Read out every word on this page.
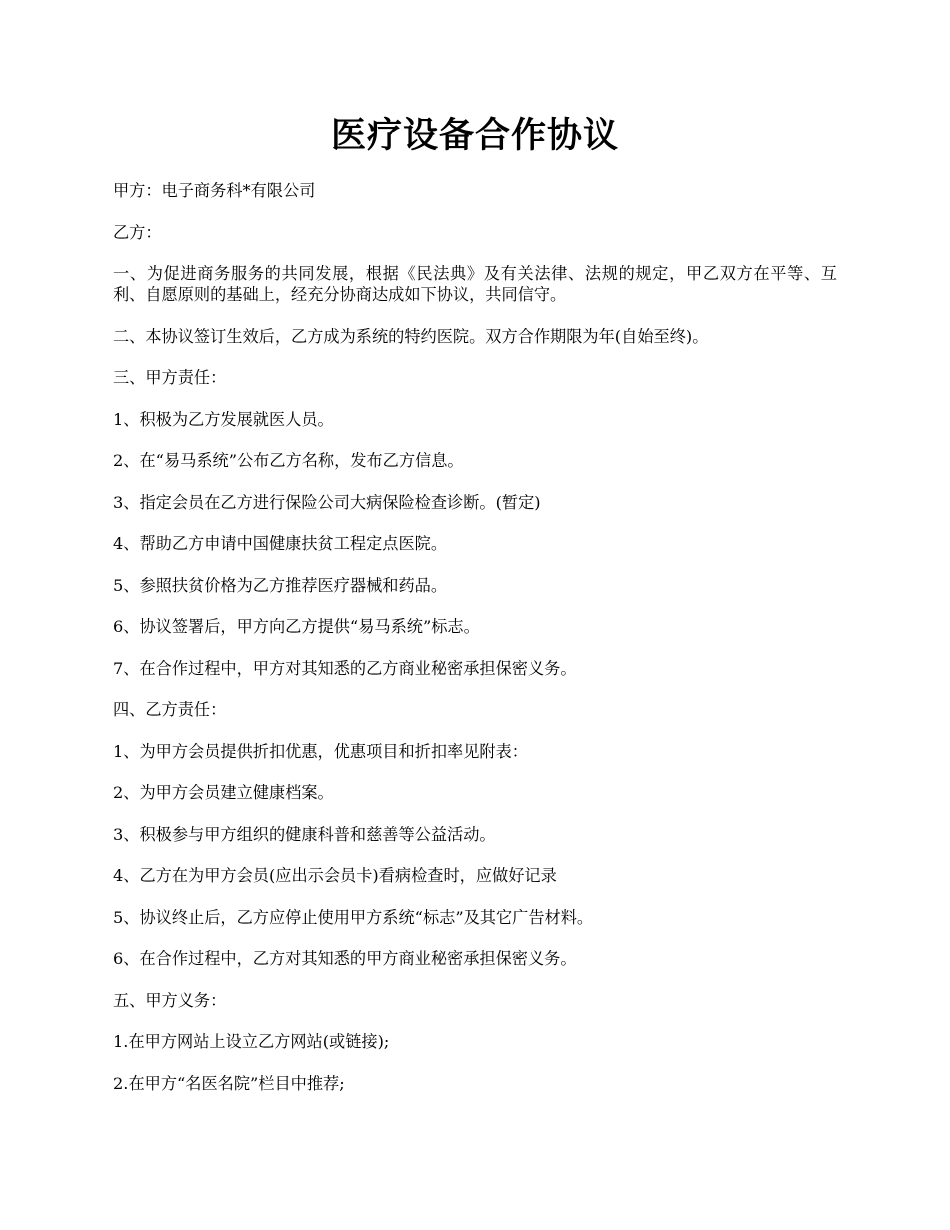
医疗设备合作协议

甲方：电子商务科*有限公司

乙方：

一、为促进商务服务的共同发展，根据《民法典》及有关法律、法规的规定，甲乙双方在平等、互利、自愿原则的基础上，经充分协商达成如下协议，共同信守。

二、本协议签订生效后，乙方成为系统的特约医院。双方合作期限为年(自始至终)。

三、甲方责任：

1、积极为乙方发展就医人员。

2、在“易马系统”公布乙方名称，发布乙方信息。

3、指定会员在乙方进行保险公司大病保险检查诊断。(暂定)

4、帮助乙方申请中国健康扶贫工程定点医院。

5、参照扶贫价格为乙方推荐医疗器械和药品。

6、协议签署后，甲方向乙方提供“易马系统”标志。

7、在合作过程中，甲方对其知悉的乙方商业秘密承担保密义务。

四、乙方责任：

1、为甲方会员提供折扣优惠，优惠项目和折扣率见附表：

2、为甲方会员建立健康档案。

3、积极参与甲方组织的健康科普和慈善等公益活动。

4、乙方在为甲方会员(应出示会员卡)看病检查时，应做好记录

5、协议终止后，乙方应停止使用甲方系统“标志”及其它广告材料。

6、在合作过程中，乙方对其知悉的甲方商业秘密承担保密义务。

五、甲方义务：

1.在甲方网站上设立乙方网站(或链接);

2.在甲方“名医名院”栏目中推荐;
